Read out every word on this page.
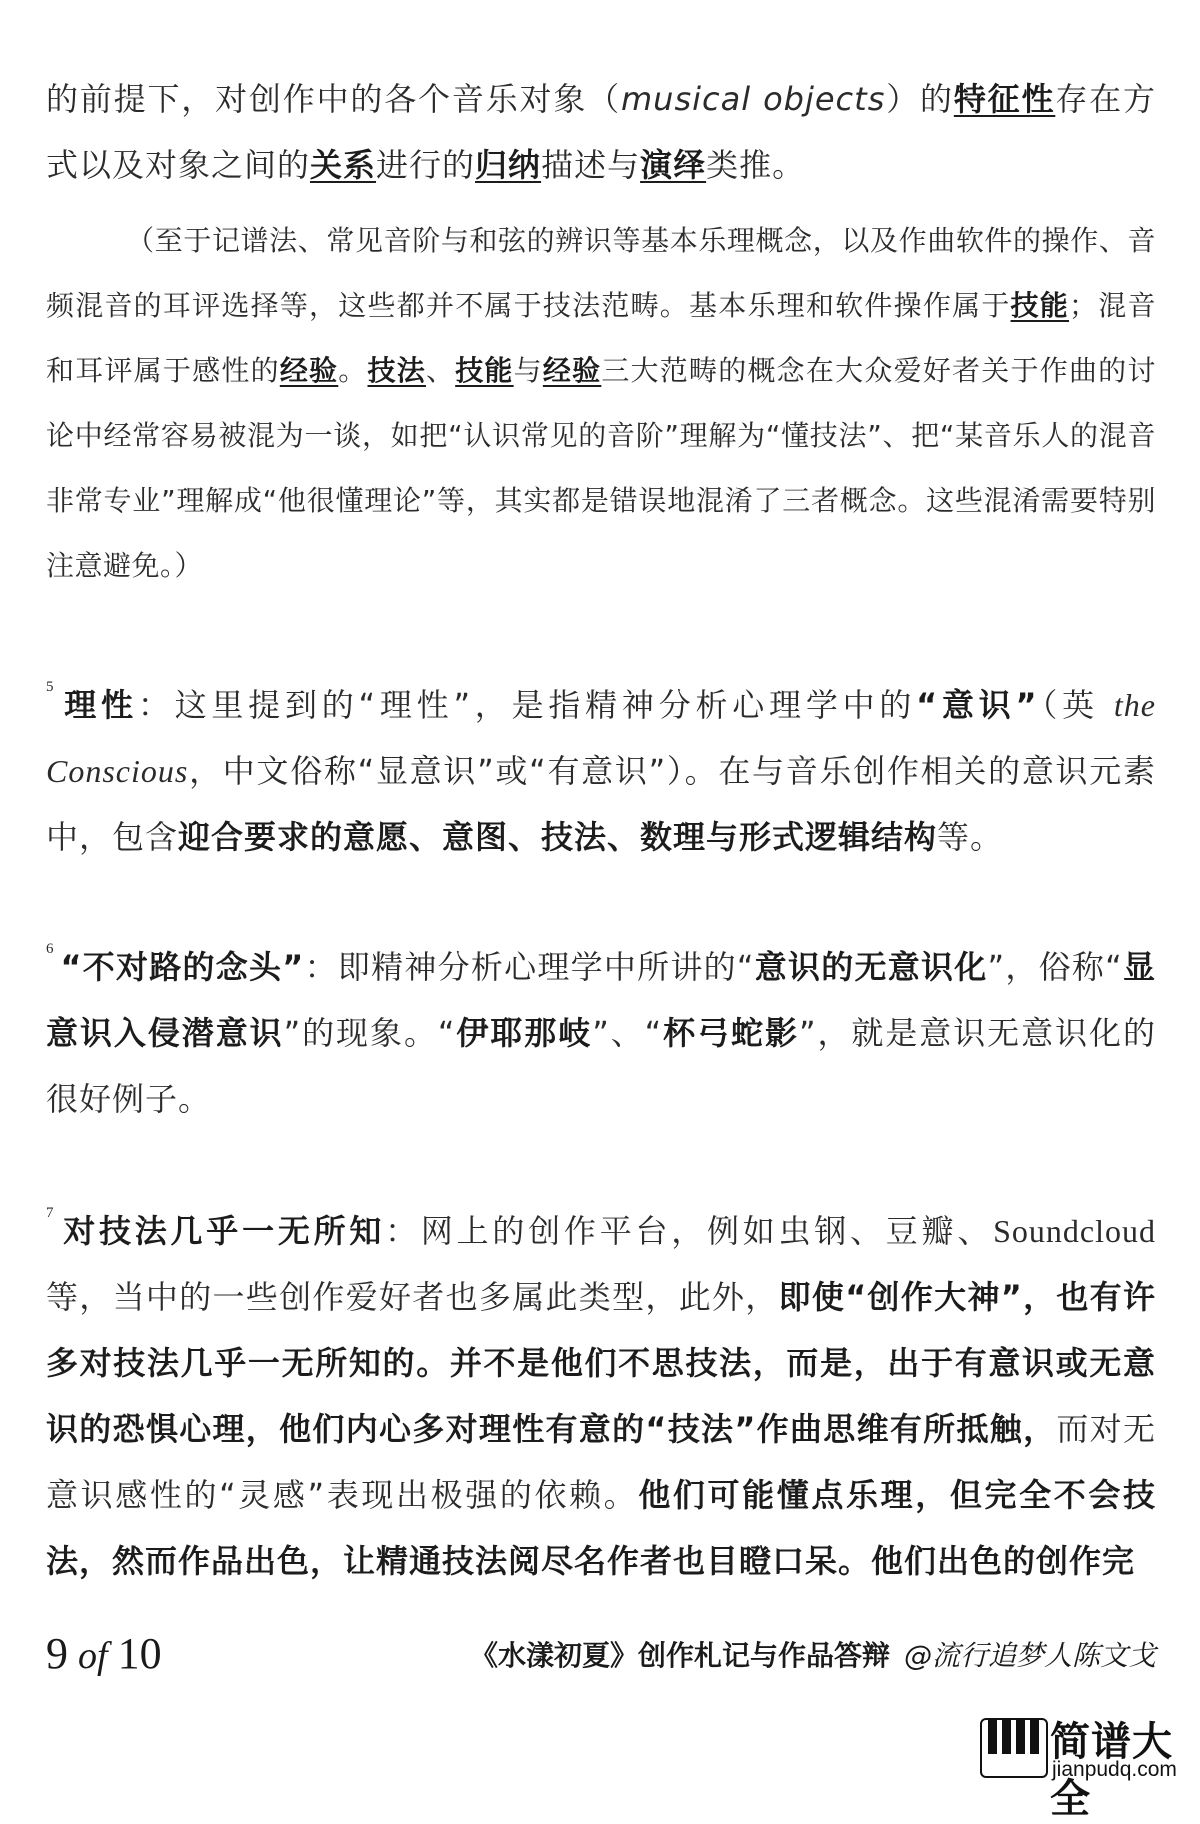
的前提下，对创作中的各个音乐对象（musical objects）的特征性存在方式以及对象之间的关系进行的归纳描述与演绎类推。

（至于记谱法、常见音阶与和弦的辨识等基本乐理概念，以及作曲软件的操作、音频混音的耳评选择等，这些都并不属于技法范畴。基本乐理和软件操作属于技能；混音和耳评属于感性的经验。技法、技能与经验三大范畴的概念在大众爱好者关于作曲的讨论中经常容易被混为一谈，如把“认识常见的音阶”理解为“懂技法”、把“某音乐人的混音非常专业”理解成“他很懂理论”等，其实都是错误地混淆了三者概念。这些混淆需要特别注意避免。）

$^5$ 理性：这里提到的“理性”，是指精神分析心理学中的“意识”（英 the Conscious，中文俗称“显意识”或“有意识”）。在与音乐创作相关的意识元素中，包含迎合要求的意愿、意图、技法、数理与形式逻辑结构等。

$^6$ “不对路的念头”：即精神分析心理学中所讲的“意识的无意识化”，俗称“显意识入侵潜意识”的现象。“伊耶那岐”、“杯弓蛇影”，就是意识无意识化的很好例子。

$^7$ 对技法几乎一无所知：网上的创作平台，例如虫钢、豆瓣、Soundcloud 等，当中的一些创作爱好者也多属此类型，此外，即使“创作大神”，也有许多对技法几乎一无所知的。并不是他们不思技法，而是，出于有意识或无意识的恐惧心理，他们内心多对理性有意的“技法”作曲思维有所抵触，而对无意识感性的“灵感”表现出极强的依赖。他们可能懂点乐理，但完全不会技法，然而作品出色，让精通技法阅尽名作者也目瞪口呆。他们出色的创作完

9 of 10	《水漾初夏》创作札记与作品答辩 @流行追梦人陈文戈
简谱大全
jianpudq.com
